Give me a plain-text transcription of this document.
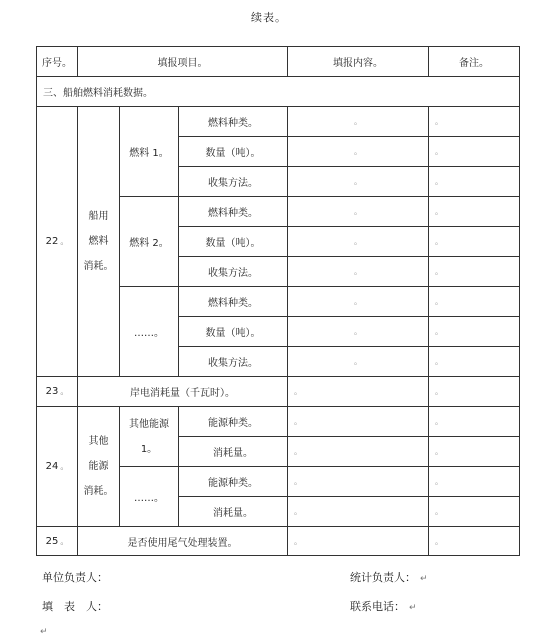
续表。
序号。	填报项目。			填报内容。	备注。
三、船舶燃料消耗数据。					
22 。	船用
燃料
消耗。	燃料 1。	燃料种类。	。	。
			数量（吨）。	。	。
			收集方法。	。	。
		燃料 2。	燃料种类。	。	。
			数量（吨）。	。	。
			收集方法。	。	。
		……。	燃料种类。	。	。
			数量（吨）。	。	。
			收集方法。	。	。
23 。	岸电消耗量（千瓦时）。			。	。
24 。	其他
能源
消耗。	其他能源
1。	能源种类。	。	。
			消耗量。	。	。
		……。	能源种类。	。	。
			消耗量。	。	。
25 。	是否使用尾气处理装置。			。	。
单位负责人：	统计负责人： ↵
填　表　人：	联系电话： ↵
↵
